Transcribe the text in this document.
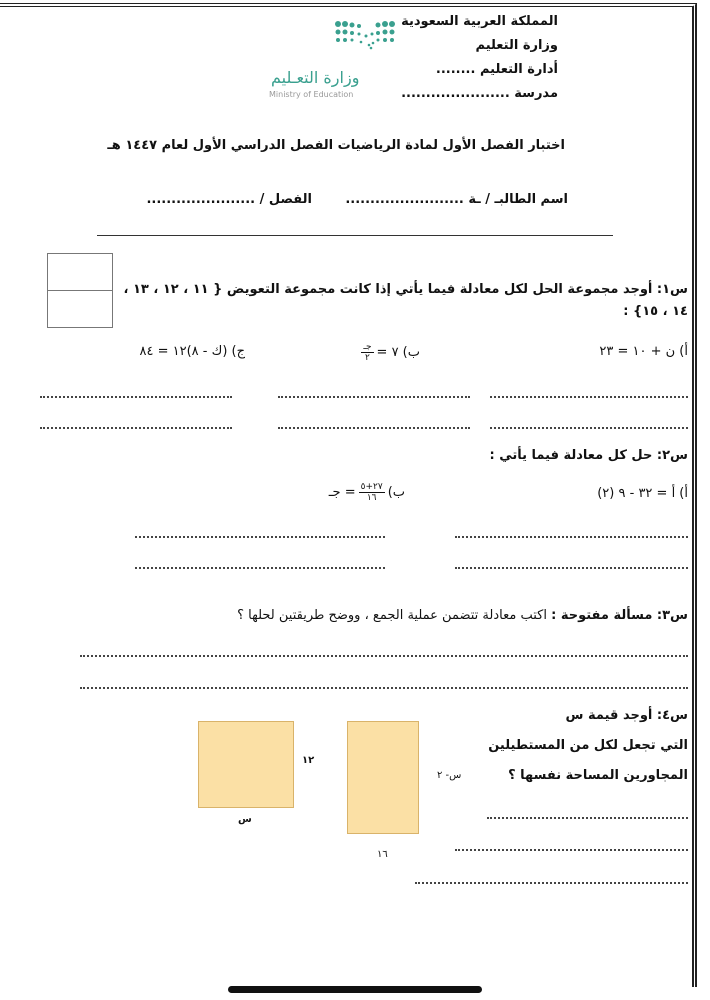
المملكة العربية السعودية
وزارة التعليم
أدارة التعليم ........
مدرسة ......................
وزارة التعـليم
Ministry of Education
اختبار الفصل الأول لمادة الرياضيات الفصل الدراسي الأول لعام ١٤٤٧ هـ
اسم الطالبـ / ـة ........................
الفصل / ......................
س١: أوجد مجموعة الحل لكل معادلة فيما يأتي إذا كانت مجموعة التعويض { ١١ ، ١٢ ، ١٣ ،
١٤ ، ١٥} :
أ) ن + ١٠ = ٢٣
ب) ٧ =
$\frac{\text{جـ}}{٢}$
ج) (ك - ٨)١٢ = ٨٤
س٢: حل كل معادلة فيما يأتي :
أ) أ = ٣٢ - ٩ (٢)
ب)
$\frac{٢٧+٥}{١٦}$
= جـ
س٣: مسألة مفتوحة : اكتب معادلة تتضمن عملية الجمع ، ووضح طريقتين لحلها ؟
س٤: أوجد قيمة س
التي تجعل لكل من المستطيلين
المجاورين المساحة نفسها ؟
س- ٢
١٦
١٢
س
